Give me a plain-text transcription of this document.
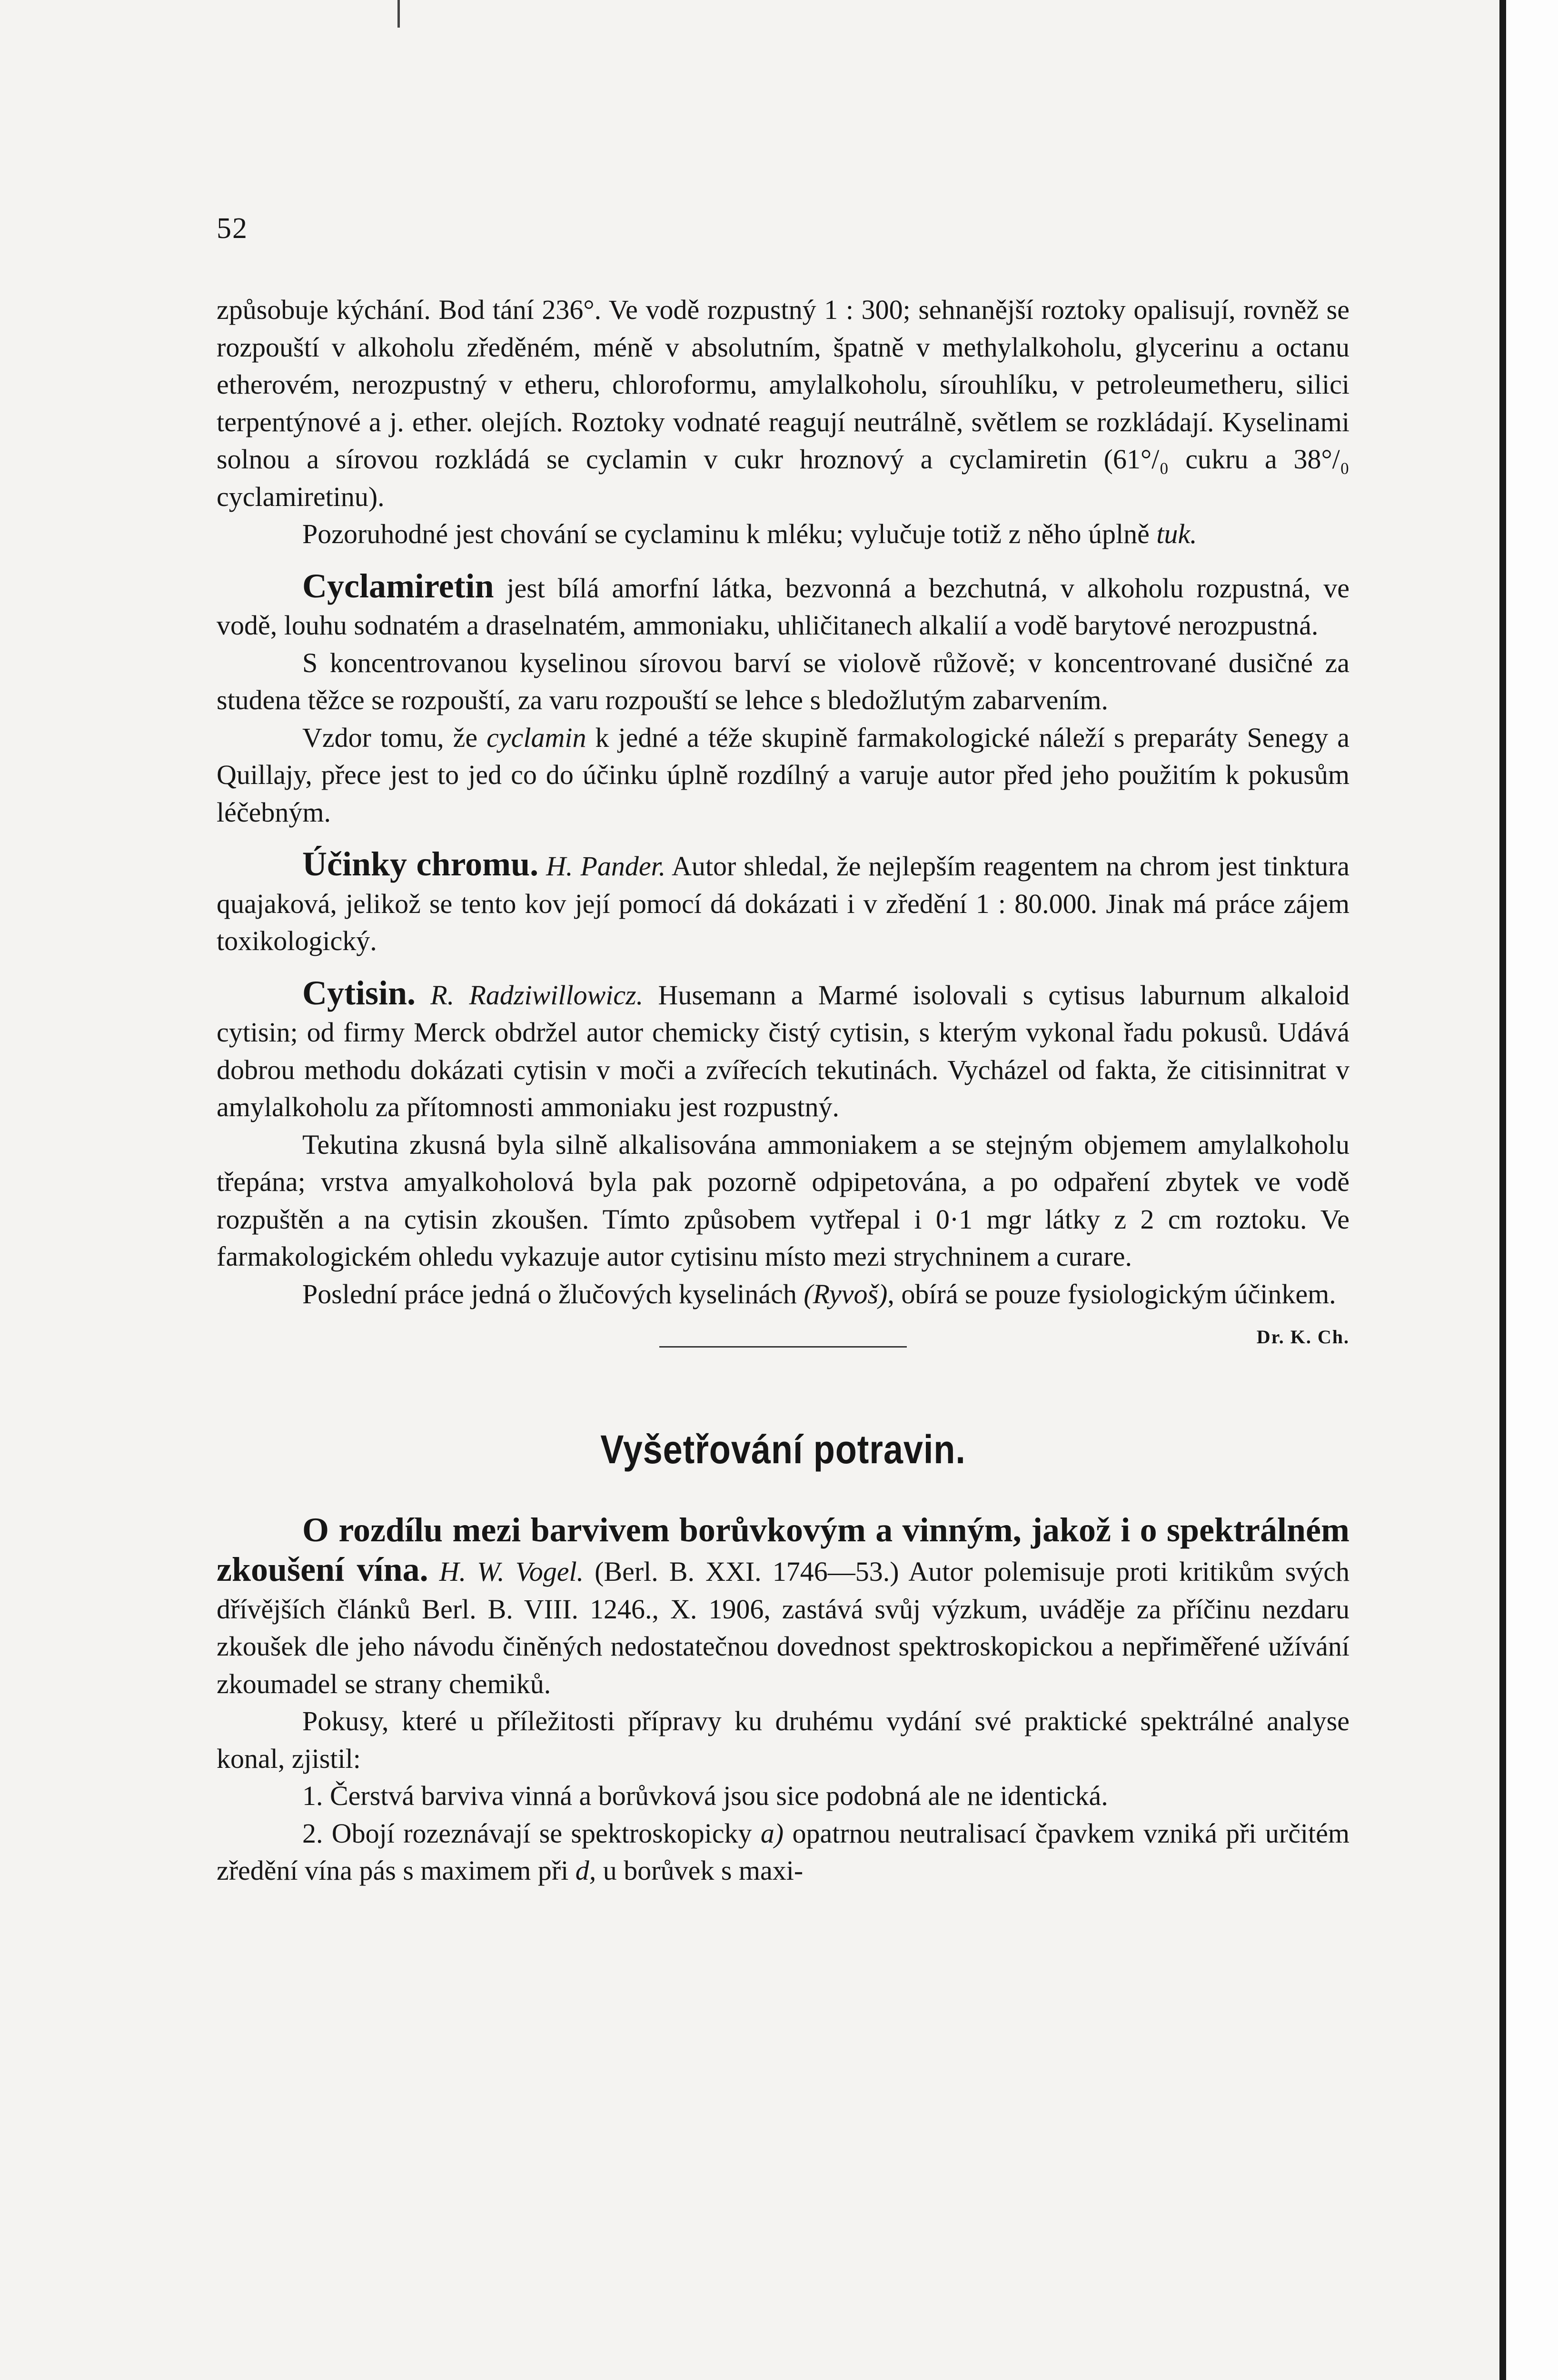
52

způsobuje kýchání. Bod tání 236°. Ve vodě rozpustný 1 : 300; sehnanější roztoky opalisují, rovněž se rozpouští v alkoholu zředěném, méně v absolutním, špatně v methylalkoholu, glycerinu a octanu etherovém, nerozpustný v etheru, chloroformu, amylalkoholu, sírouhlíku, v petroleumetheru, silici terpentýnové a j. ether. olejích. Roztoky vodnaté reagují neutrálně, světlem se rozkládají. Kyselinami solnou a sírovou rozkládá se cyclamin v cukr hroznový a cyclamiretin (61°/₀ cukru a 38°/₀ cyclamiretinu).

Pozoruhodné jest chování se cyclaminu k mléku; vylučuje totiž z něho úplně tuk.

Cyclamiretin jest bílá amorfní látka, bezvonná a bezchutná, v alkoholu rozpustná, ve vodě, louhu sodnatém a draselnatém, ammoniaku, uhličitanech alkalií a vodě barytové nerozpustná.

S koncentrovanou kyselinou sírovou barví se violově růžově; v koncentrované dusičné za studena těžce se rozpouští, za varu rozpouští se lehce s bledožlutým zabarvením.

Vzdor tomu, že cyclamin k jedné a téže skupině farmakologické náleží s preparáty Senegy a Quillajy, přece jest to jed co do účinku úplně rozdílný a varuje autor před jeho použitím k pokusům léčebným.

Účinky chromu. H. Pander. Autor shledal, že nejlepším reagentem na chrom jest tinktura quajaková, jelikož se tento kov její pomocí dá dokázati i v zředění 1 : 80.000. Jinak má práce zájem toxikologický.

Cytisin. R. Radziwillowicz. Husemann a Marmé isolovali s cytisus laburnum alkaloid cytisin; od firmy Merck obdržel autor chemicky čistý cytisin, s kterým vykonal řadu pokusů. Udává dobrou methodu dokázati cytisin v moči a zvířecích tekutinách. Vycházel od fakta, že citisinnitrat v amylalkoholu za přítomnosti ammoniaku jest rozpustný.

Tekutina zkusná byla silně alkalisována ammoniakem a se stejným objemem amylalkoholu třepána; vrstva amyalkoholová byla pak pozorně odpipetována, a po odpaření zbytek ve vodě rozpuštěn a na cytisin zkoušen. Tímto způsobem vytřepal i 0·1 mgr látky z 2 cm roztoku. Ve farmakologickém ohledu vykazuje autor cytisinu místo mezi strychninem a curare.

Poslední práce jedná o žlučových kyselinách (Ryvoš), obírá se pouze fysiologickým účinkem.
Dr. K. Ch.

Vyšetřování potravin.

O rozdílu mezi barvivem borůvkovým a vinným, jakož i o spektrálném zkoušení vína. H. W. Vogel. (Berl. B. XXI. 1746—53.) Autor polemisuje proti kritikům svých dřívějších článků Berl. B. VIII. 1246., X. 1906, zastává svůj výzkum, uváděje za příčinu nezdaru zkoušek dle jeho návodu činěných nedostatečnou dovednost spektroskopickou a nepřiměřené užívání zkoumadel se strany chemiků.

Pokusy, které u příležitosti přípravy ku druhému vydání své praktické spektrálné analyse konal, zjistil:

1. Čerstvá barviva vinná a borůvková jsou sice podobná ale ne identická.

2. Obojí rozeznávají se spektroskopicky a) opatrnou neutralisací čpavkem vzniká při určitém zředění vína pás s maximem při d, u borůvek s maxi-
